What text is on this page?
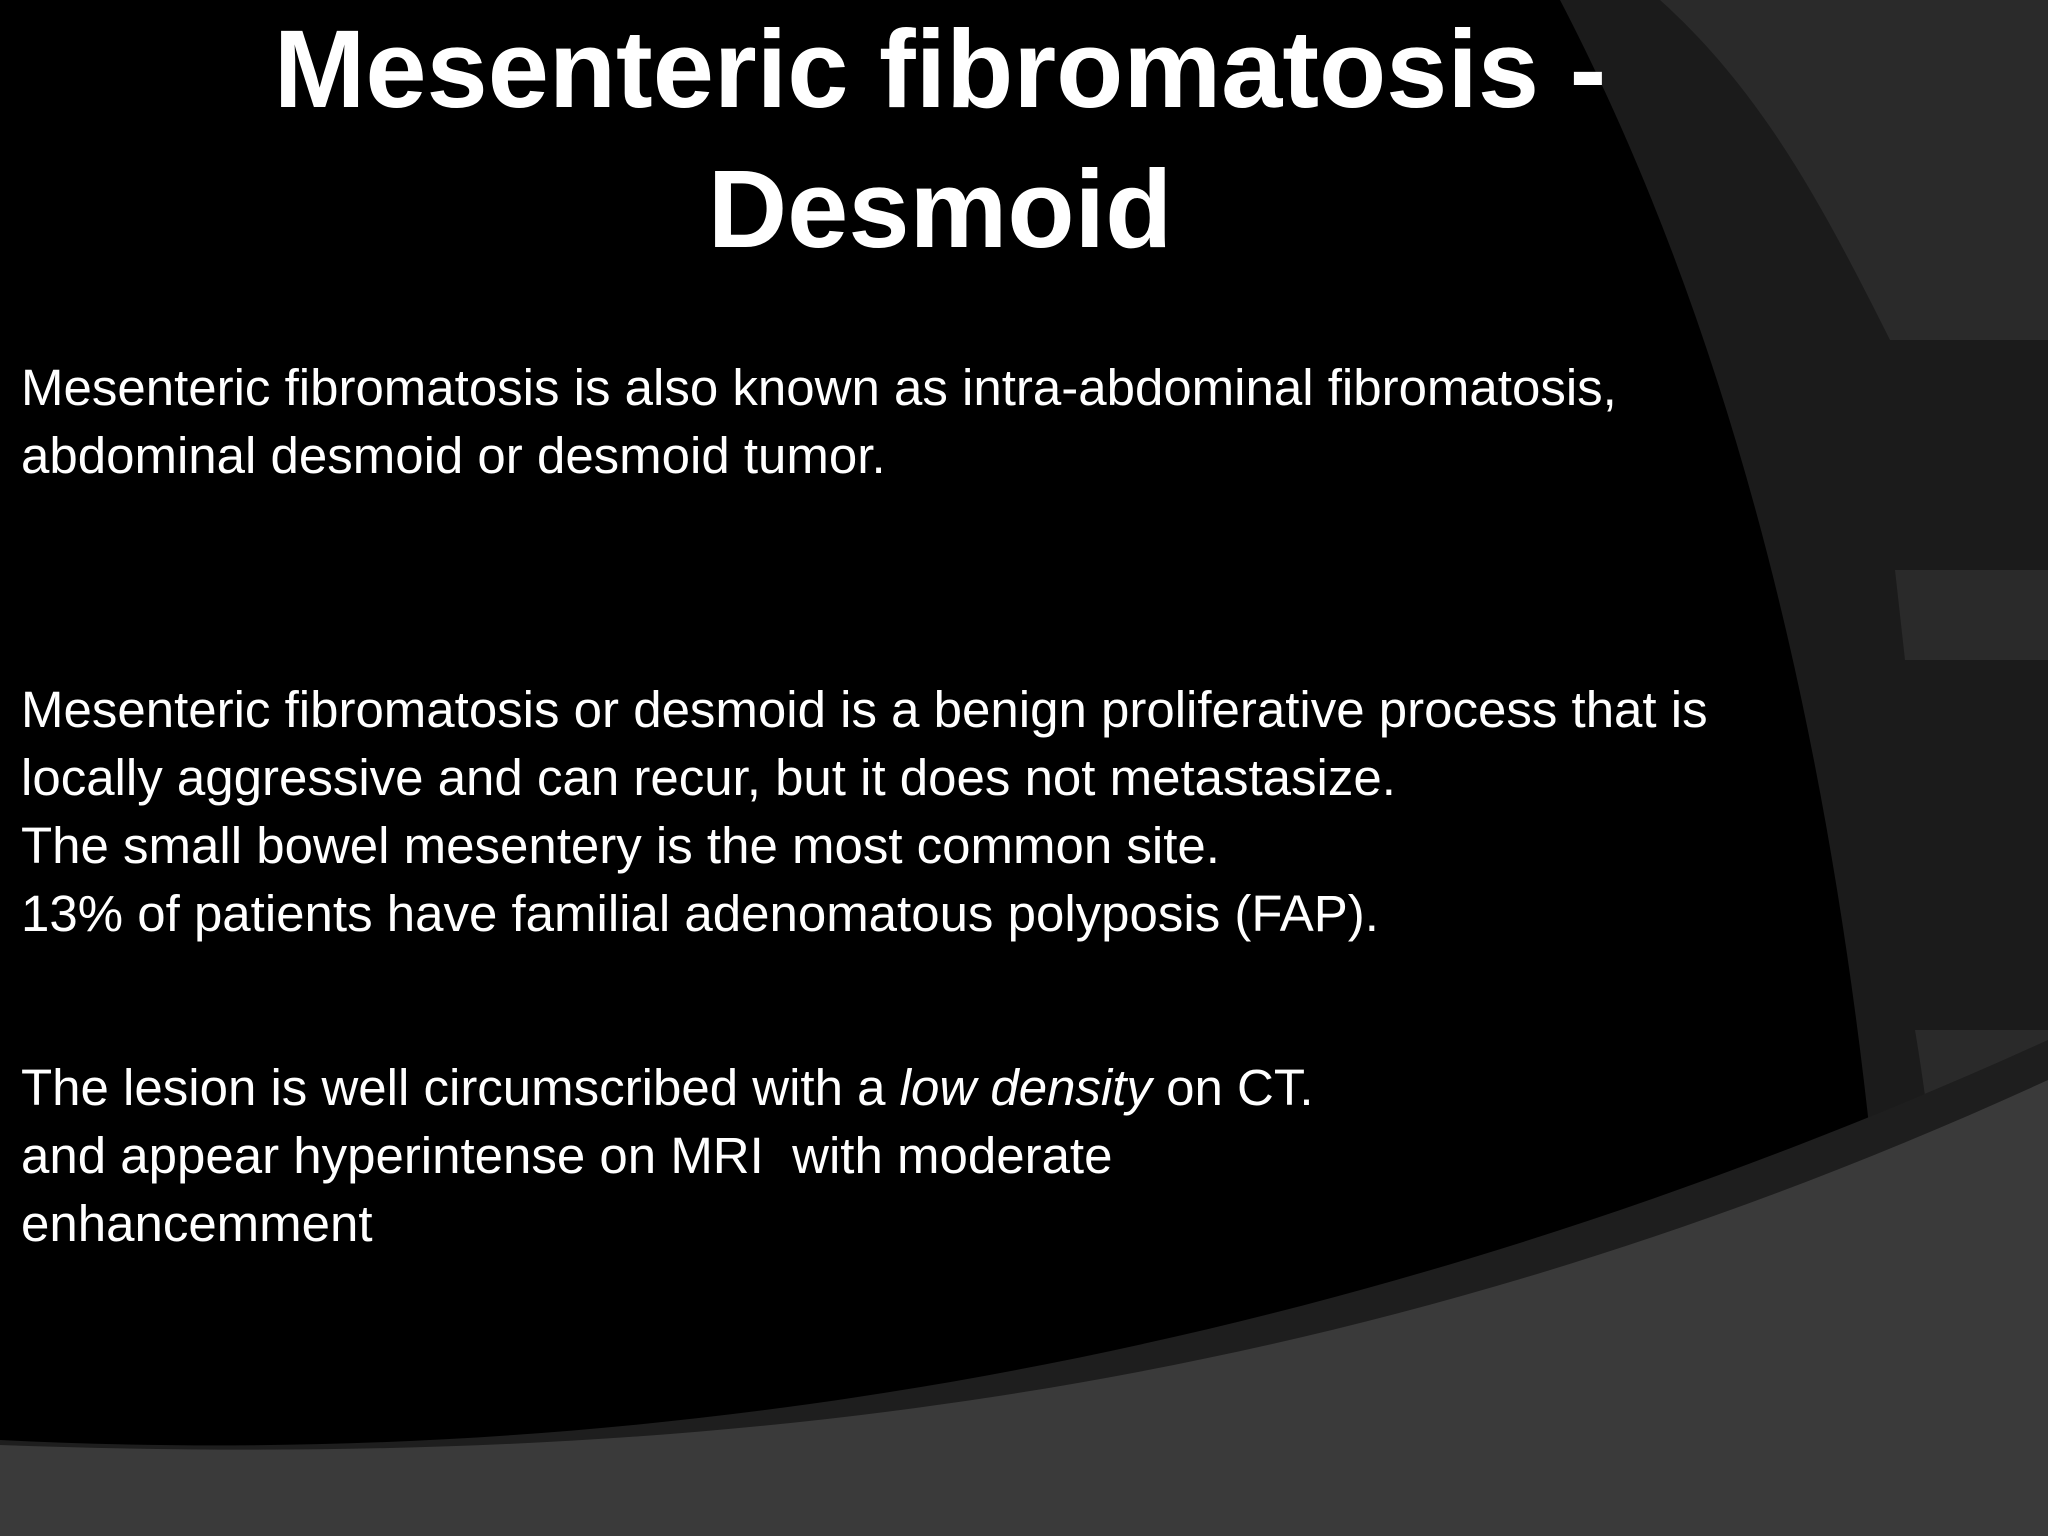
Mesenteric fibromatosis -
Desmoid
Mesenteric fibromatosis is also known as intra-abdominal fibromatosis,
abdominal desmoid or desmoid tumor.
Mesenteric fibromatosis or desmoid is a benign proliferative process that is
locally aggressive and can recur, but it does not metastasize.
The small bowel mesentery is the most common site.
13% of patients have familial adenomatous polyposis (FAP).
The lesion is well circumscribed with a low density on CT.
and appear hyperintense on MRI  with moderate
enhancemment
